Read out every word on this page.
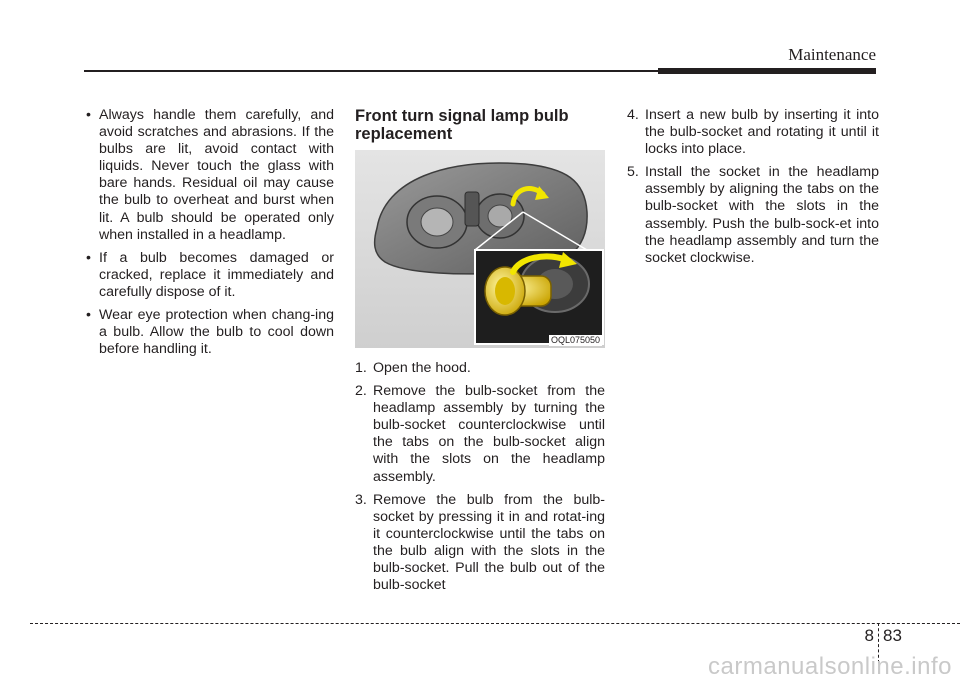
Maintenance
• Always handle them carefully, and avoid scratches and abrasions. If the bulbs are lit, avoid contact with liquids. Never touch the glass with bare hands. Residual oil may cause the bulb to overheat and burst when lit. A bulb should be operated only when installed in a headlamp.
• If a bulb becomes damaged or cracked, replace it immediately and carefully dispose of it.
• Wear eye protection when chang-ing a bulb. Allow the bulb to cool down before handling it.
Front turn signal lamp bulb replacement
OQL075050
1. Open the hood.
2. Remove the bulb-socket from the headlamp assembly by turning the bulb-socket counterclockwise until the tabs on the bulb-socket align with the slots on the headlamp assembly.
3. Remove the bulb from the bulb-socket by pressing it in and rotat-ing it counterclockwise until the tabs on the bulb align with the slots in the bulb-socket. Pull the bulb out of the bulb-socket
4. Insert a new bulb by inserting it into the bulb-socket and rotating it until it locks into place.
5. Install the socket in the headlamp assembly by aligning the tabs on the bulb-socket with the slots in the assembly. Push the bulb-sock-et into the headlamp assembly and turn the socket clockwise.
8 83
carmanualsonline.info
